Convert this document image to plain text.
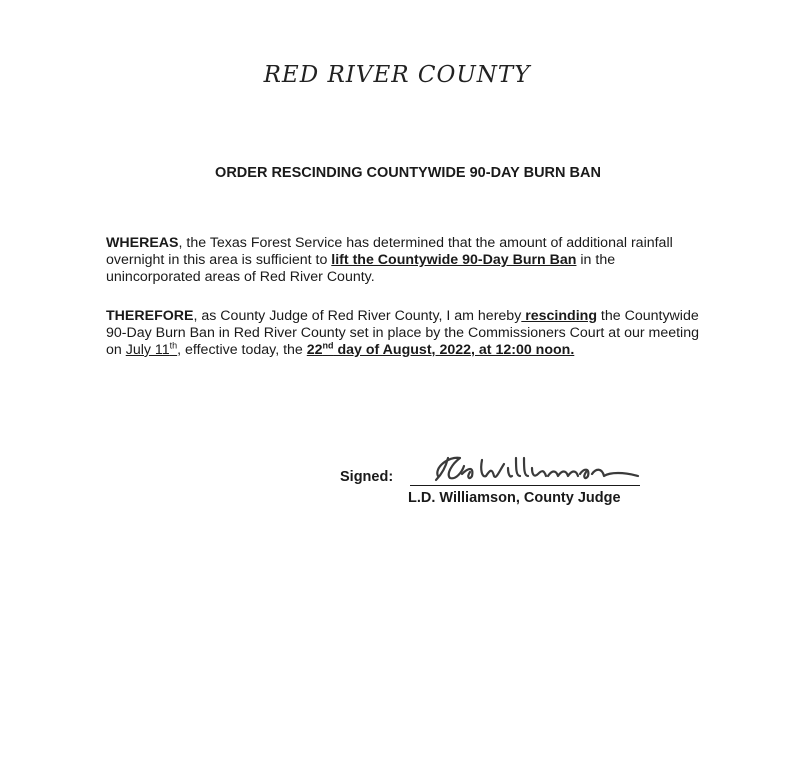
RED RIVER COUNTY
ORDER RESCINDING COUNTYWIDE 90-DAY BURN BAN
WHEREAS, the Texas Forest Service has determined that the amount of additional rainfall overnight in this area is sufficient to lift the Countywide 90-Day Burn Ban in the unincorporated areas of Red River County.
THEREFORE, as County Judge of Red River County, I am hereby rescinding the Countywide 90-Day Burn Ban in Red River County set in place by the Commissioners Court at our meeting on July 11th, effective today, the 22nd day of August, 2022, at 12:00 noon.
Signed:
L.D. Williamson, County Judge
